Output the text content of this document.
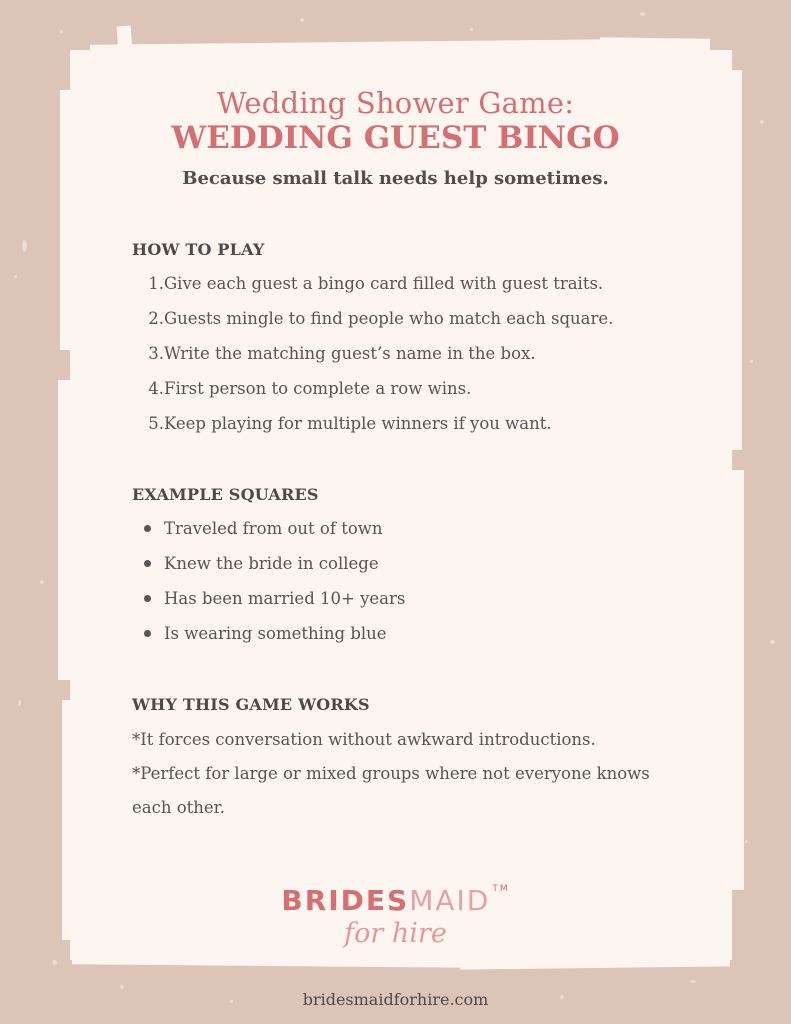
Wedding Shower Game:
WEDDING GUEST BINGO
Because small talk needs help sometimes.
HOW TO PLAY
1. Give each guest a bingo card filled with guest traits.
2. Guests mingle to find people who match each square.
3. Write the matching guest’s name in the box.
4. First person to complete a row wins.
5. Keep playing for multiple winners if you want.
EXAMPLE SQUARES
Traveled from out of town
Knew the bride in college
Has been married 10+ years
Is wearing something blue
WHY THIS GAME WORKS

*It forces conversation without awkward introductions.

*Perfect for large or mixed groups where not everyone knows each other.

BRIDESMAID ™
for hire
bridesmaidforhire.com
